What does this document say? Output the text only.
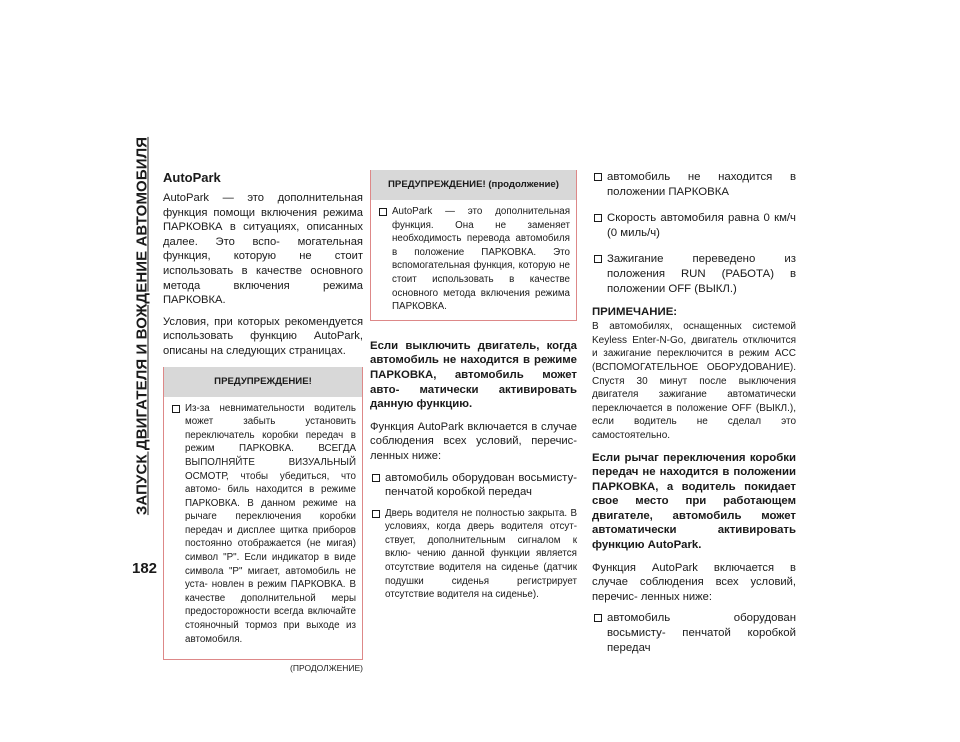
ЗАПУСК ДВИГАТЕЛЯ И ВОЖДЕНИЕ АВТОМОБИЛЯ
182
AutoPark

AutoPark — это дополнительная функция помощи включения режима ПАРКОВКА в ситуациях, описанных далее. Это вспо- могательная функция, которую не стоит использовать в качестве основного метода включения режима ПАРКОВКА.

Условия, при которых рекомендуется использовать функцию AutoPark, описаны на следующих страницах.

ПРЕДУПРЕЖДЕНИЕ!
Из-за невнимательности водитель может забыть установить переключатель коробки передач в режим ПАРКОВКА. ВСЕГДА ВЫПОЛНЯЙТЕ ВИЗУАЛЬНЫЙ ОСМОТР, чтобы убедиться, что автомо- биль находится в режиме ПАРКОВКА. В данном режиме на рычаге переключения коробки передач и дисплее щитка приборов постоянно отображается (не мигая) символ "P". Если индикатор в виде символа "P" мигает, автомобиль не уста- новлен в режим ПАРКОВКА. В качестве дополнительной меры предосторожности всегда включайте стояночный тормоз при выходе из автомобиля.
(ПРОДОЛЖЕНИЕ)
ПРЕДУПРЕЖДЕНИЕ! (продолжение)
AutoPark — это дополнительная функция. Она не заменяет необходимость перевода автомобиля в положение ПАРКОВКА. Это вспомогательная функция, которую не стоит использовать в качестве основного метода включения режима ПАРКОВКА.

Если выключить двигатель, когда автомобиль не находится в режиме ПАРКОВКА, автомобиль может авто- матически активировать данную функцию.

Функция AutoPark включается в случае соблюдения всех условий, перечис- ленных ниже:

автомобиль оборудован восьмисту- пенчатой коробкой передач
Дверь водителя не полностью закрыта. В условиях, когда дверь водителя отсут- ствует, дополнительным сигналом к вклю- чению данной функции является отсутствие водителя на сиденье (датчик подушки сиденья регистрирует отсутствие водителя на сиденье).
автомобиль не находится в положении ПАРКОВКА
Скорость автомобиля равна 0 км/ч (0 миль/ч)
Зажигание переведено из положения RUN (РАБОТА) в положении OFF (ВЫКЛ.)
ПРИМЕЧАНИЕ:

В автомобилях, оснащенных системой Keyless Enter-N-Go, двигатель отключится и зажигание переключится в режим ACC (ВСПОМОГАТЕЛЬНОЕ ОБОРУДОВАНИЕ). Спустя 30 минут после выключения двигателя зажигание автоматически переключается в положение OFF (ВЫКЛ.), если водитель не сделал это самостоятельно.

Если рычаг переключения коробки передач не находится в положении ПАРКОВКА, а водитель покидает свое место при работающем двигателе, автомобиль может автоматически активировать функцию AutoPark.

Функция AutoPark включается в случае соблюдения всех условий, перечис- ленных ниже:

автомобиль оборудован восьмисту- пенчатой коробкой передач
